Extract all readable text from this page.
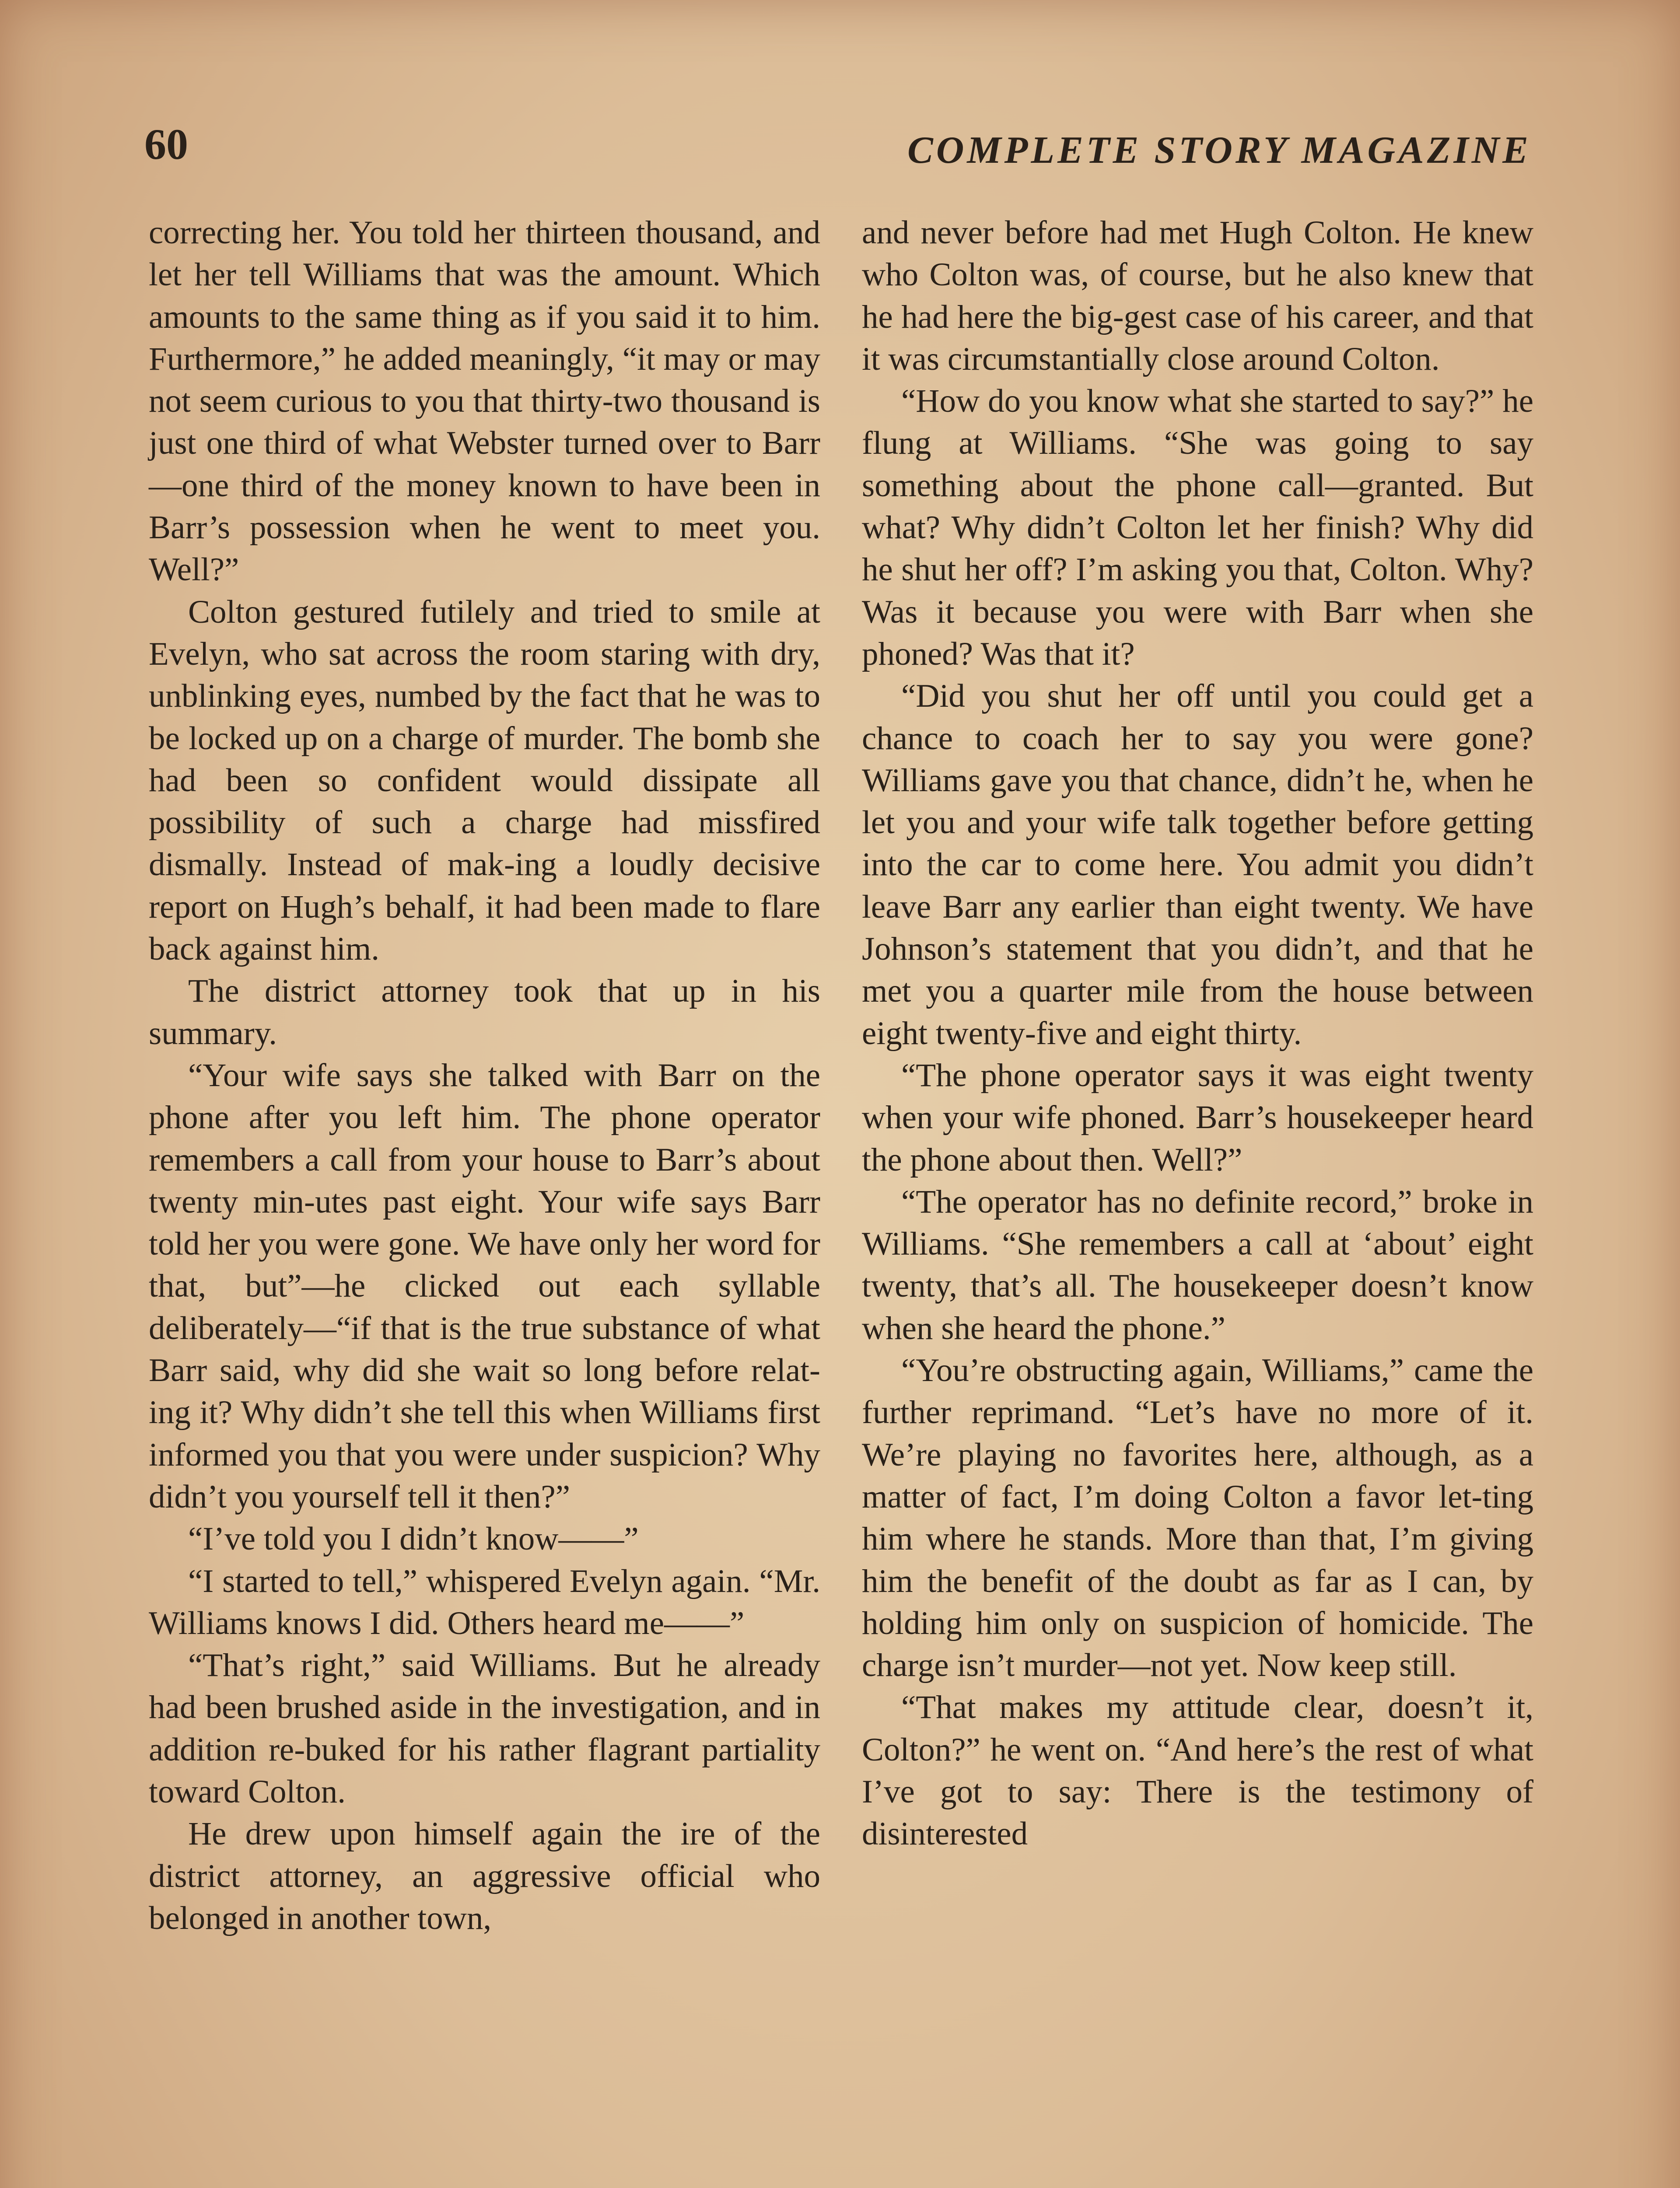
60	COMPLETE STORY MAGAZINE

correcting her. You told her thirteen thousand, and let her tell Williams that was the amount. Which amounts to the same thing as if you said it to him. Furthermore,” he added meaningly, “it may or may not seem curious to you that thirty-two thousand is just one third of what Webster turned over to Barr—one third of the money known to have been in Barr’s possession when he went to meet you. Well?”

Colton gestured futilely and tried to smile at Evelyn, who sat across the room staring with dry, unblinking eyes, numbed by the fact that he was to be locked up on a charge of murder. The bomb she had been so confident would dissipate all possibility of such a charge had missfired dismally. Instead of mak-ing a loudly decisive report on Hugh’s behalf, it had been made to flare back against him.

The district attorney took that up in his summary.

“Your wife says she talked with Barr on the phone after you left him. The phone operator remembers a call from your house to Barr’s about twenty min-utes past eight. Your wife says Barr told her you were gone. We have only her word for that, but”—he clicked out each syllable deliberately—“if that is the true substance of what Barr said, why did she wait so long before relat-ing it? Why didn’t she tell this when Williams first informed you that you were under suspicion? Why didn’t you yourself tell it then?”

“I’ve told you I didn’t know——”

“I started to tell,” whispered Evelyn again. “Mr. Williams knows I did. Others heard me——”

“That’s right,” said Williams. But he already had been brushed aside in the investigation, and in addition re-buked for his rather flagrant partiality toward Colton.

He drew upon himself again the ire of the district attorney, an aggressive official who belonged in another town,

and never before had met Hugh Colton. He knew who Colton was, of course, but he also knew that he had here the big-gest case of his career, and that it was circumstantially close around Colton.

“How do you know what she started to say?” he flung at Williams. “She was going to say something about the phone call—granted. But what? Why didn’t Colton let her finish? Why did he shut her off? I’m asking you that, Colton. Why? Was it because you were with Barr when she phoned? Was that it?

“Did you shut her off until you could get a chance to coach her to say you were gone? Williams gave you that chance, didn’t he, when he let you and your wife talk together before getting into the car to come here. You admit you didn’t leave Barr any earlier than eight twenty. We have Johnson’s statement that you didn’t, and that he met you a quarter mile from the house between eight twenty-five and eight thirty.

“The phone operator says it was eight twenty when your wife phoned. Barr’s housekeeper heard the phone about then. Well?”

“The operator has no definite record,” broke in Williams. “She remembers a call at ‘about’ eight twenty, that’s all. The housekeeper doesn’t know when she heard the phone.”

“You’re obstructing again, Williams,” came the further reprimand. “Let’s have no more of it. We’re playing no favorites here, although, as a matter of fact, I’m doing Colton a favor let-ting him where he stands. More than that, I’m giving him the benefit of the doubt as far as I can, by holding him only on suspicion of homicide. The charge isn’t murder—not yet. Now keep still.

“That makes my attitude clear, doesn’t it, Colton?” he went on. “And here’s the rest of what I’ve got to say: There is the testimony of disinterested
